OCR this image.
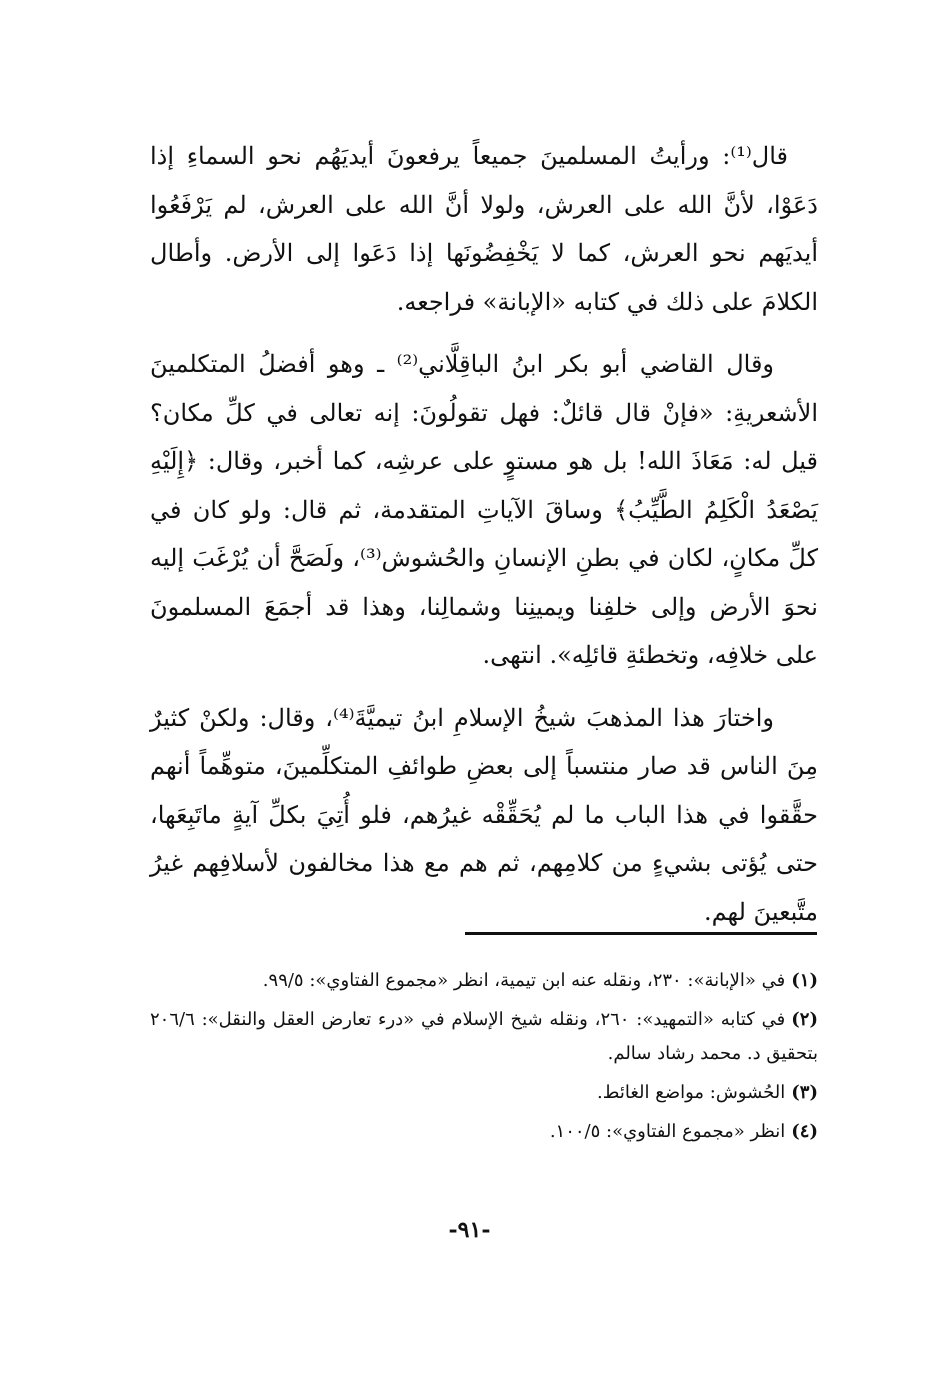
قال⁽¹⁾: ورأيتُ المسلمينَ جميعاً يرفعونَ أيديَهُم نحو السماءِ إذا دَعَوْا، لأنَّ الله على العرش، ولولا أنَّ الله على العرش، لم يَرْفَعُوا أيديَهم نحو العرش، كما لا يَخْفِضُونَها إذا دَعَوا إلى الأرض. وأطال الكلامَ على ذلك في كتابه «الإبانة» فراجعه.

وقال القاضي أبو بكر ابنُ الباقِلَّاني⁽²⁾ ـ وهو أفضلُ المتكلمينَ الأشعريةِ: «فإنْ قال قائلٌ: فهل تقولُونَ: إنه تعالى في كلِّ مكان؟ قيل له: مَعَاذَ الله! بل هو مستوٍ على عرشِه، كما أخبر، وقال: ﴿إِلَيْهِ يَصْعَدُ الْكَلِمُ الطَّيِّبُ﴾ وساقَ الآياتِ المتقدمة، ثم قال: ولو كان في كلِّ مكانٍ، لكان في بطنِ الإنسانِ والحُشوش⁽³⁾، ولَصَحَّ أن يُرْغَبَ إليه نحوَ الأرض وإلى خلفِنا ويمينِنا وشمالِنا، وهذا قد أجمَعَ المسلمونَ على خلافِه، وتخطئةِ قائلِه». انتهى.

واختارَ هذا المذهبَ شيخُ الإسلامِ ابنُ تيميَّةَ⁽⁴⁾، وقال: ولكنْ كثيرٌ مِنَ الناس قد صار منتسباً إلى بعضِ طوائفِ المتكلِّمينَ، متوهِّماً أنهم حقَّقوا في هذا الباب ما لم يُحَقِّقْه غيرُهم، فلو أُتِيَ بكلِّ آيةٍ ماتَبِعَها، حتى يُؤتى بشيءٍ من كلامِهم، ثم هم مع هذا مخالفون لأسلافِهم غيرُ متَّبعينَ لهم.

(١)في «الإبانة»: ٢٣٠، ونقله عنه ابن تيمية، انظر «مجموع الفتاوي»: ٩٩/٥.
(٢)في كتابه «التمهيد»: ٢٦٠، ونقله شيخ الإسلام في «درء تعارض العقل والنقل»: ٢٠٦/٦ بتحقيق د. محمد رشاد سالم.
(٣)الحُشوش: مواضع الغائط.
(٤)انظر «مجموع الفتاوي»: ١٠٠/٥.
-٩١-
